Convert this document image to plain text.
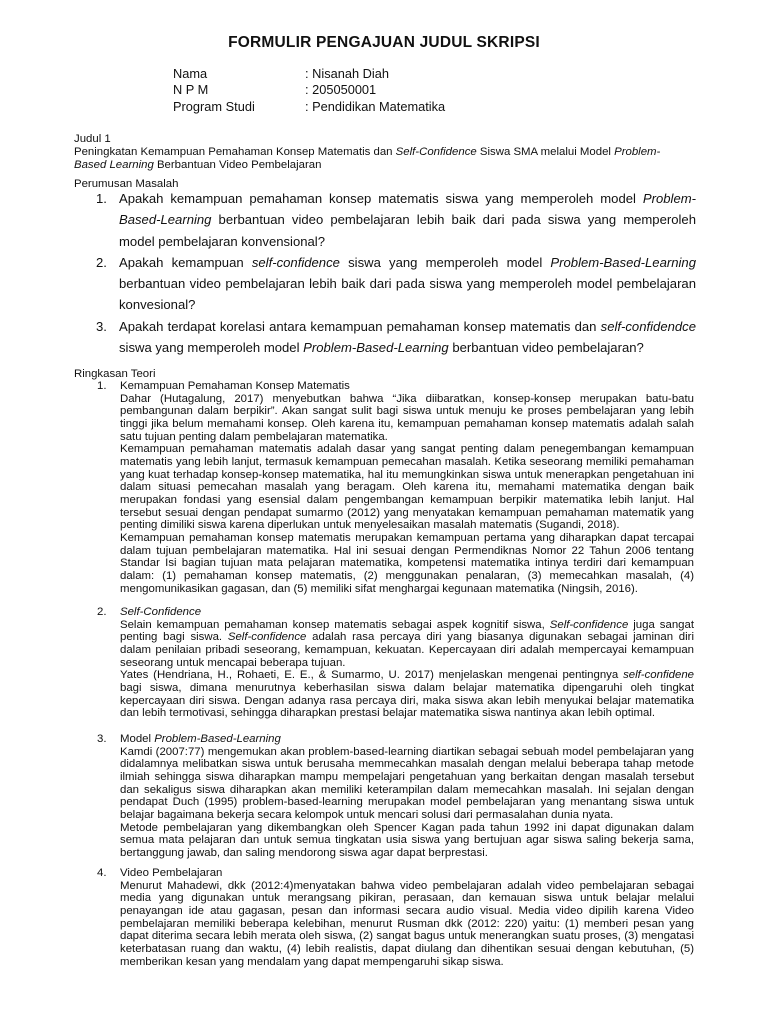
FORMULIR PENGAJUAN JUDUL SKRIPSI
Nama	: Nisanah Diah
N P M	: 205050001
Program Studi	: Pendidikan Matematika
Judul 1
Peningkatan Kemampuan Pemahaman Konsep Matematis dan Self-Confidence Siswa SMA melalui Model Problem-Based Learning Berbantuan Video Pembelajaran
Perumusan Masalah
1. Apakah kemampuan pemahaman konsep matematis siswa yang memperoleh model Problem-Based-Learning berbantuan video pembelajaran lebih baik dari pada siswa yang memperoleh model pembelajaran konvensional?
2. Apakah kemampuan self-confidence siswa yang memperoleh model Problem-Based-Learning berbantuan video pembelajaran lebih baik dari pada siswa yang memperoleh model pembelajaran konvesional?
3. Apakah terdapat korelasi antara kemampuan pemahaman konsep matematis dan self-confidendce siswa yang memperoleh model Problem-Based-Learning berbantuan video pembelajaran?
Ringkasan Teori
1. Kemampuan Pemahaman Konsep Matematis
Dahar (Hutagalung, 2017) menyebutkan bahwa “Jika diibaratkan, konsep-konsep merupakan batu-batu pembangunan dalam berpikir”. Akan sangat sulit bagi siswa untuk menuju ke proses pembelajaran yang lebih tinggi jika belum memahami konsep. Oleh karena itu, kemampuan pemahaman konsep matematis adalah salah satu tujuan penting dalam pembelajaran matematika.
Kemampuan pemahaman matematis adalah dasar yang sangat penting dalam penegembangan kemampuan matematis yang lebih lanjut, termasuk kemampuan pemecahan masalah. Ketika seseorang memiliki pemahaman yang kuat terhadap konsep-konsep matematika, hal itu memungkinkan siswa untuk menerapkan pengetahuan ini dalam situasi pemecahan masalah yang beragam. Oleh karena itu, memahami matematika dengan baik merupakan fondasi yang esensial dalam pengembangan kemampuan berpikir matematika lebih lanjut. Hal tersebut sesuai dengan pendapat sumarmo (2012) yang menyatakan kemampuan pemahaman matematik yang penting dimiliki siswa karena diperlukan untuk menyelesaikan masalah matematis (Sugandi, 2018).
Kemampuan pemahaman konsep matematis merupakan kemampuan pertama yang diharapkan dapat tercapai dalam tujuan pembelajaran matematika. Hal ini sesuai dengan Permendiknas Nomor 22 Tahun 2006 tentang Standar Isi bagian tujuan mata pelajaran matematika, kompetensi matematika intinya terdiri dari kemampuan dalam: (1) pemahaman konsep matematis, (2) menggunakan penalaran, (3) memecahkan masalah, (4) mengomunikasikan gagasan, dan (5) memiliki sifat menghargai kegunaan matematika (Ningsih, 2016).
2. Self-Confidence
Selain kemampuan pemahaman konsep matematis sebagai aspek kognitif siswa, Self-confidence juga sangat penting bagi siswa. Self-confidence adalah rasa percaya diri yang biasanya digunakan sebagai jaminan diri dalam penilaian pribadi seseorang, kemampuan, kekuatan. Kepercayaan diri adalah mempercayai kemampuan seseorang untuk mencapai beberapa tujuan.
Yates (Hendriana, H., Rohaeti, E. E., & Sumarmo, U. 2017) menjelaskan mengenai pentingnya self-confidene bagi siswa, dimana menurutnya keberhasilan siswa dalam belajar matematika dipengaruhi oleh tingkat kepercayaan diri siswa. Dengan adanya rasa percaya diri, maka siswa akan lebih menyukai belajar matematika dan lebih termotivasi, sehingga diharapkan prestasi belajar matematika siswa nantinya akan lebih optimal.
3. Model Problem-Based-Learning
Kamdi (2007:77) mengemukan akan problem-based-learning diartikan sebagai sebuah model pembelajaran yang didalamnya melibatkan siswa untuk berusaha memmecahkan masalah dengan melalui beberapa tahap metode ilmiah sehingga siswa diharapkan mampu mempelajari pengetahuan yang berkaitan dengan masalah tersebut dan sekaligus siswa diharapkan akan memiliki keterampilan dalam memecahkan masalah. Ini sejalan dengan pendapat Duch (1995) problem-based-learning merupakan model pembelajaran yang menantang siswa untuk belajar bagaimana bekerja secara kelompok untuk mencari solusi dari permasalahan dunia nyata.
Metode pembelajaran yang dikembangkan oleh Spencer Kagan pada tahun 1992 ini dapat digunakan dalam semua mata pelajaran dan untuk semua tingkatan usia siswa yang bertujuan agar siswa saling bekerja sama, bertanggung jawab, dan saling mendorong siswa agar dapat berprestasi.
4. Video Pembelajaran
Menurut Mahadewi, dkk (2012:4)menyatakan bahwa video pembelajaran adalah video pembelajaran sebagai media yang digunakan untuk merangsang pikiran, perasaan, dan kemauan siswa untuk belajar melalui penayangan ide atau gagasan, pesan dan informasi secara audio visual. Media video dipilih karena Video pembelajaran memiliki beberapa kelebihan, menurut Rusman dkk (2012: 220) yaitu: (1) memberi pesan yang dapat diterima secara lebih merata oleh siswa, (2) sangat bagus untuk menerangkan suatu proses, (3) mengatasi keterbatasan ruang dan waktu, (4) lebih realistis, dapat diulang dan dihentikan sesuai dengan kebutuhan, (5) memberikan kesan yang mendalam yang dapat mempengaruhi sikap siswa.
